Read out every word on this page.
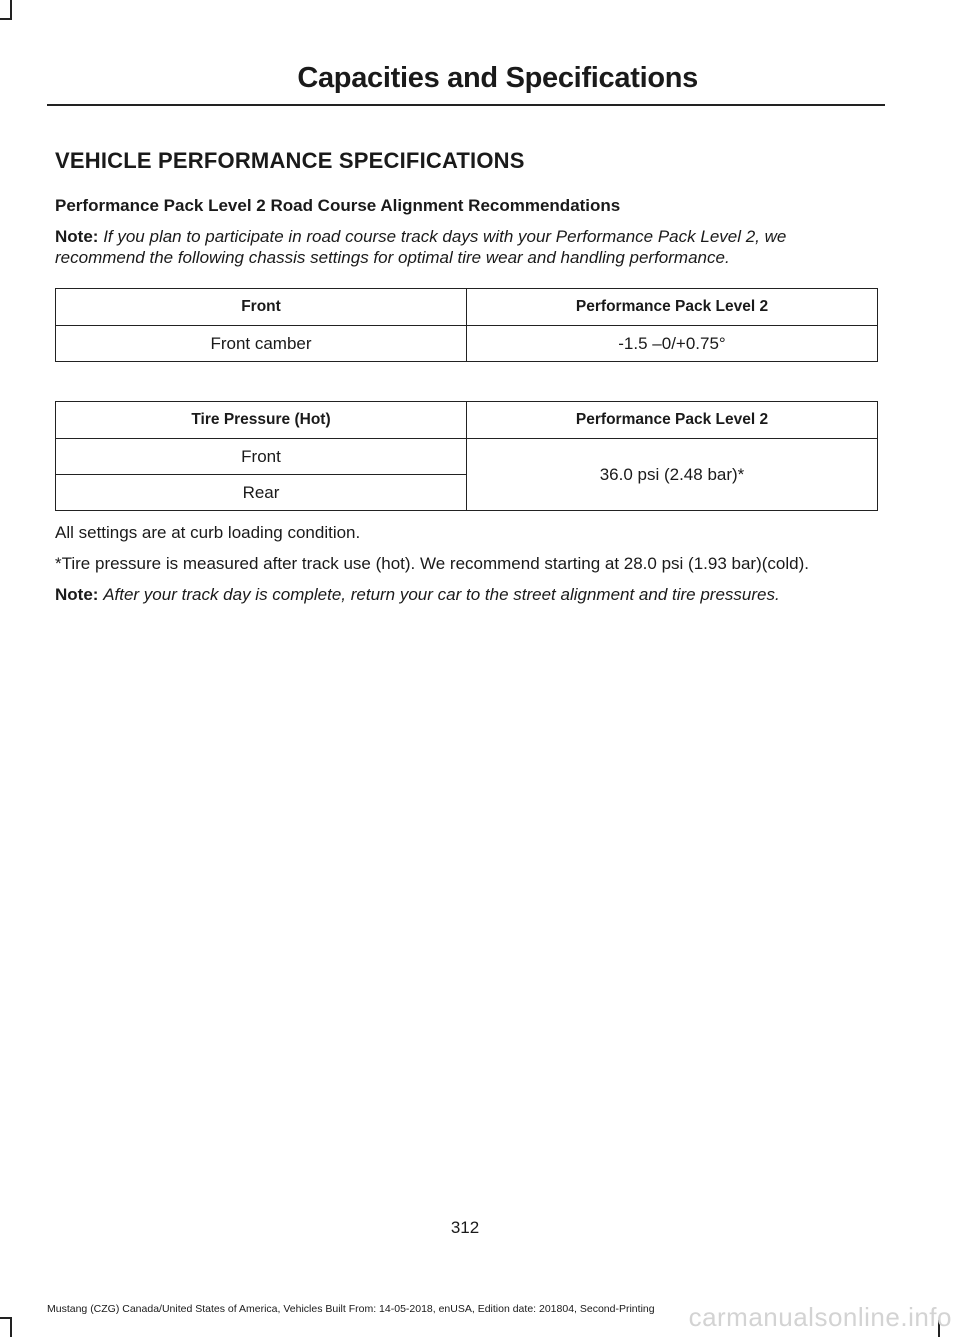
Capacities and Specifications
VEHICLE PERFORMANCE SPECIFICATIONS
Performance Pack Level 2 Road Course Alignment Recommendations

Note: If you plan to participate in road course track days with your Performance Pack Level 2, we recommend the following chassis settings for optimal tire wear and handling performance.

Front	Performance Pack Level 2
Front camber	-1.5 –0/+0.75°
Tire Pressure (Hot)	Performance Pack Level 2
Front	36.0 psi (2.48 bar)*
Rear	

All settings are at curb loading condition.

*Tire pressure is measured after track use (hot). We recommend starting at 28.0 psi (1.93 bar)(cold).

Note: After your track day is complete, return your car to the street alignment and tire pressures.

312
Mustang (CZG) Canada/United States of America, Vehicles Built From: 14-05-2018, enUSA, Edition date: 201804, Second-Printing carmanualsonline.info
